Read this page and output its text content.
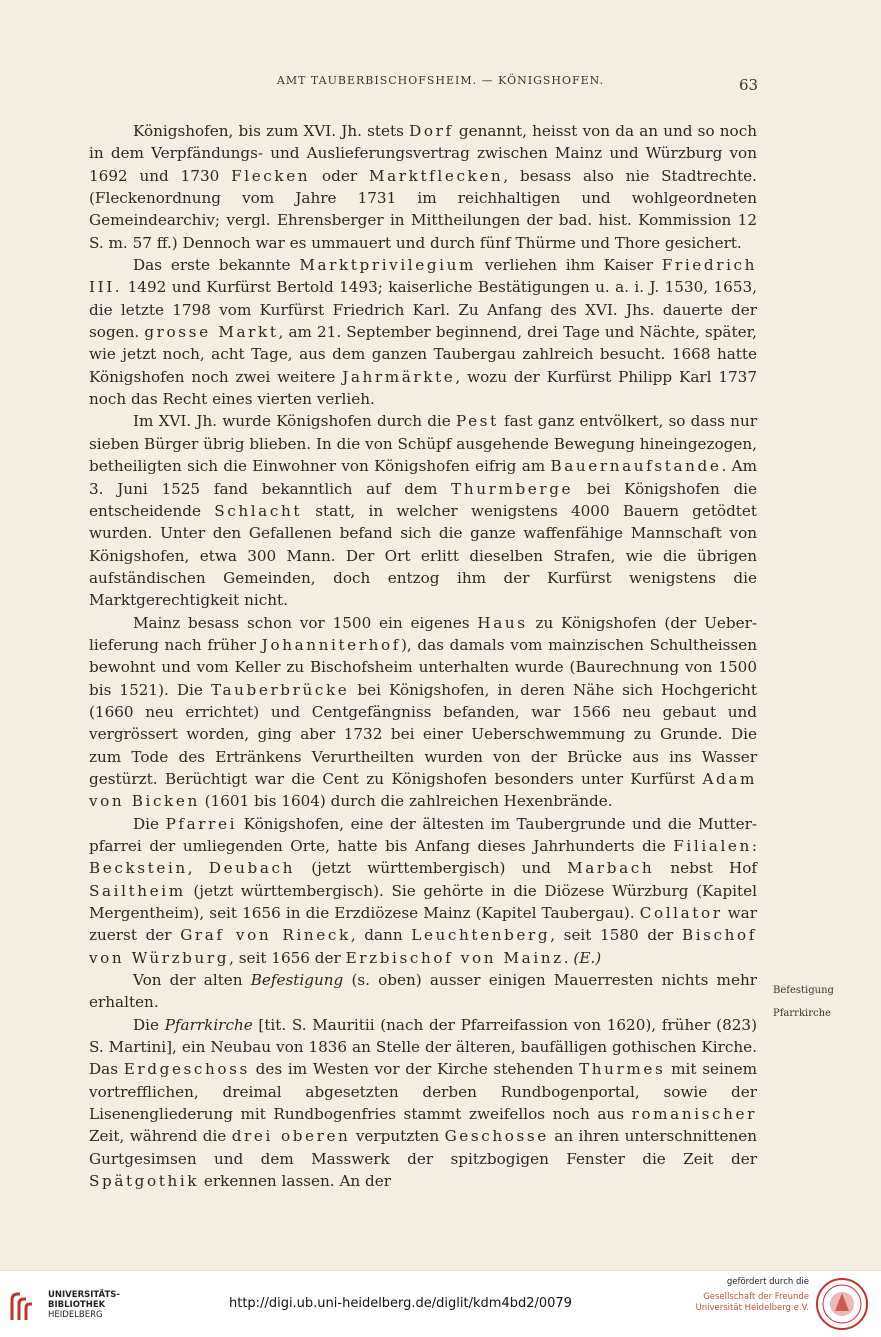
AMT TAUBERBISCHOFSHEIM. — KÖNIGSHOFEN.	63

Königshofen, bis zum XVI. Jh. stets Dorf genannt, heisst von da an und so noch in dem Verpfändungs- und Auslieferungsvertrag zwischen Mainz und Würzburg von 1692 und 1730 Flecken oder Marktflecken, besass also nie Stadtrechte. (Fleckenordnung vom Jahre 1731 im reichhaltigen und wohlgeordneten Gemeindearchiv; vergl. Ehrensberger in Mittheilungen der bad. hist. Kommission 12 S. m. 57 ff.) Dennoch war es ummauert und durch fünf Thürme und Thore gesichert.

Das erste bekannte Marktprivilegium verliehen ihm Kaiser Friedrich III. 1492 und Kurfürst Bertold 1493; kaiserliche Bestätigungen u. a. i. J. 1530, 1653, die letzte 1798 vom Kurfürst Friedrich Karl. Zu Anfang des XVI. Jhs. dauerte der sogen. grosse Markt, am 21. September beginnend, drei Tage und Nächte, später, wie jetzt noch, acht Tage, aus dem ganzen Taubergau zahlreich besucht. 1668 hatte Königshofen noch zwei weitere Jahrmärkte, wozu der Kurfürst Philipp Karl 1737 noch das Recht eines vierten verlieh.

Im XVI. Jh. wurde Königshofen durch die Pest fast ganz entvölkert, so dass nur sieben Bürger übrig blieben. In die von Schüpf ausgehende Bewegung hineingezogen, betheiligten sich die Einwohner von Königshofen eifrig am Bauernaufstande. Am 3. Juni 1525 fand bekanntlich auf dem Thurmberge bei Königshofen die entscheidende Schlacht statt, in welcher wenigstens 4000 Bauern getödtet wurden. Unter den Gefallenen befand sich die ganze waffenfähige Mannschaft von Königshofen, etwa 300 Mann. Der Ort erlitt dieselben Strafen, wie die übrigen aufständischen Gemeinden, doch entzog ihm der Kurfürst wenigstens die Marktgerechtigkeit nicht.

Mainz besass schon vor 1500 ein eigenes Haus zu Königshofen (der Ueberlieferung nach früher Johanniterhof), das damals vom mainzischen Schultheissen bewohnt und vom Keller zu Bischofsheim unterhalten wurde (Baurechnung von 1500 bis 1521). Die Tauberbrücke bei Königshofen, in deren Nähe sich Hochgericht (1660 neu errichtet) und Centgefängniss befanden, war 1566 neu gebaut und vergrössert worden, ging aber 1732 bei einer Ueberschwemmung zu Grunde. Die zum Tode des Ertränkens Verurtheilten wurden von der Brücke aus ins Wasser gestürzt. Berüchtigt war die Cent zu Königshofen besonders unter Kurfürst Adam von Bicken (1601 bis 1604) durch die zahlreichen Hexenbrände.

Die Pfarrei Königshofen, eine der ältesten im Taubergrunde und die Mutterpfarrei der umliegenden Orte, hatte bis Anfang dieses Jahrhunderts die Filialen: Beckstein, Deubach (jetzt württembergisch) und Marbach nebst Hof Sailtheim (jetzt württembergisch). Sie gehörte in die Diözese Würzburg (Kapitel Mergentheim), seit 1656 in die Erzdiözese Mainz (Kapitel Taubergau). Collator war zuerst der Graf von Rineck, dann Leuchtenberg, seit 1580 der Bischof von Würzburg, seit 1656 der Erzbischof von Mainz. (E.)

Von der alten Befestigung (s. oben) ausser einigen Mauerresten nichts mehr erhalten.

Die Pfarrkirche [tit. S. Mauritii (nach der Pfarreifassion von 1620), früher (823) S. Martini], ein Neubau von 1836 an Stelle der älteren, baufälligen gothischen Kirche. Das Erdgeschoss des im Westen vor der Kirche stehenden Thurmes mit seinem vortrefflichen, dreimal abgesetzten derben Rundbogenportal, sowie der Lisenengliederung mit Rundbogenfries stammt zweifellos noch aus romanischer Zeit, während die drei oberen verputzten Geschosse an ihren unterschnittenen Gurtgesimsen und dem Masswerk der spitzbogigen Fenster die Zeit der Spätgothik erkennen lassen. An der

Befestigung
Pfarrkirche
UNIVERSITÄTS-
BIBLIOTHEK
HEIDELBERG
gefördert durch die
Gesellschaft der Freunde
Universität Heidelberg e.V.
http://digi.ub.uni-heidelberg.de/diglit/kdm4bd2/0079
